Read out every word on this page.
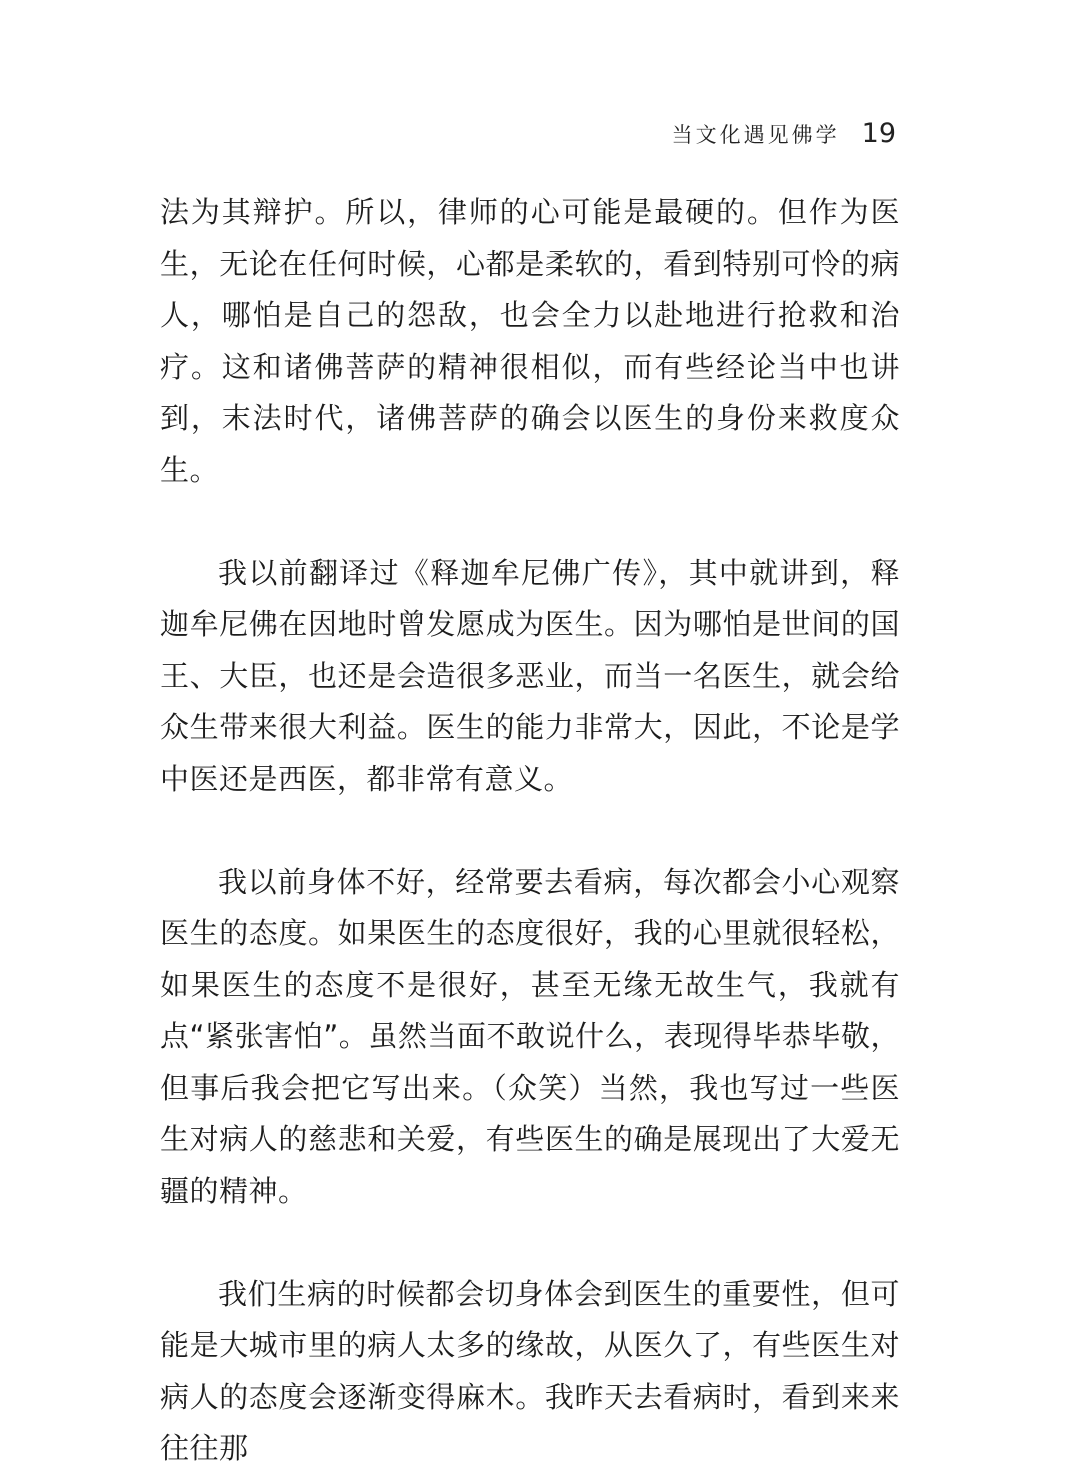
当文化遇见佛学 19

法为其辩护。所以，律师的心可能是最硬的。但作为医生，无论在任何时候，心都是柔软的，看到特别可怜的病人，哪怕是自己的怨敌，也会全力以赴地进行抢救和治疗。这和诸佛菩萨的精神很相似，而有些经论当中也讲到，末法时代，诸佛菩萨的确会以医生的身份来救度众生。

我以前翻译过《释迦牟尼佛广传》，其中就讲到，释迦牟尼佛在因地时曾发愿成为医生。因为哪怕是世间的国王、大臣，也还是会造很多恶业，而当一名医生，就会给众生带来很大利益。医生的能力非常大，因此，不论是学中医还是西医，都非常有意义。

我以前身体不好，经常要去看病，每次都会小心观察医生的态度。如果医生的态度很好，我的心里就很轻松，如果医生的态度不是很好，甚至无缘无故生气，我就有点“紧张害怕”。虽然当面不敢说什么，表现得毕恭毕敬，但事后我会把它写出来。（众笑）当然，我也写过一些医生对病人的慈悲和关爱，有些医生的确是展现出了大爱无疆的精神。

我们生病的时候都会切身体会到医生的重要性，但可能是大城市里的病人太多的缘故，从医久了，有些医生对病人的态度会逐渐变得麻木。我昨天去看病时，看到来来往往那
